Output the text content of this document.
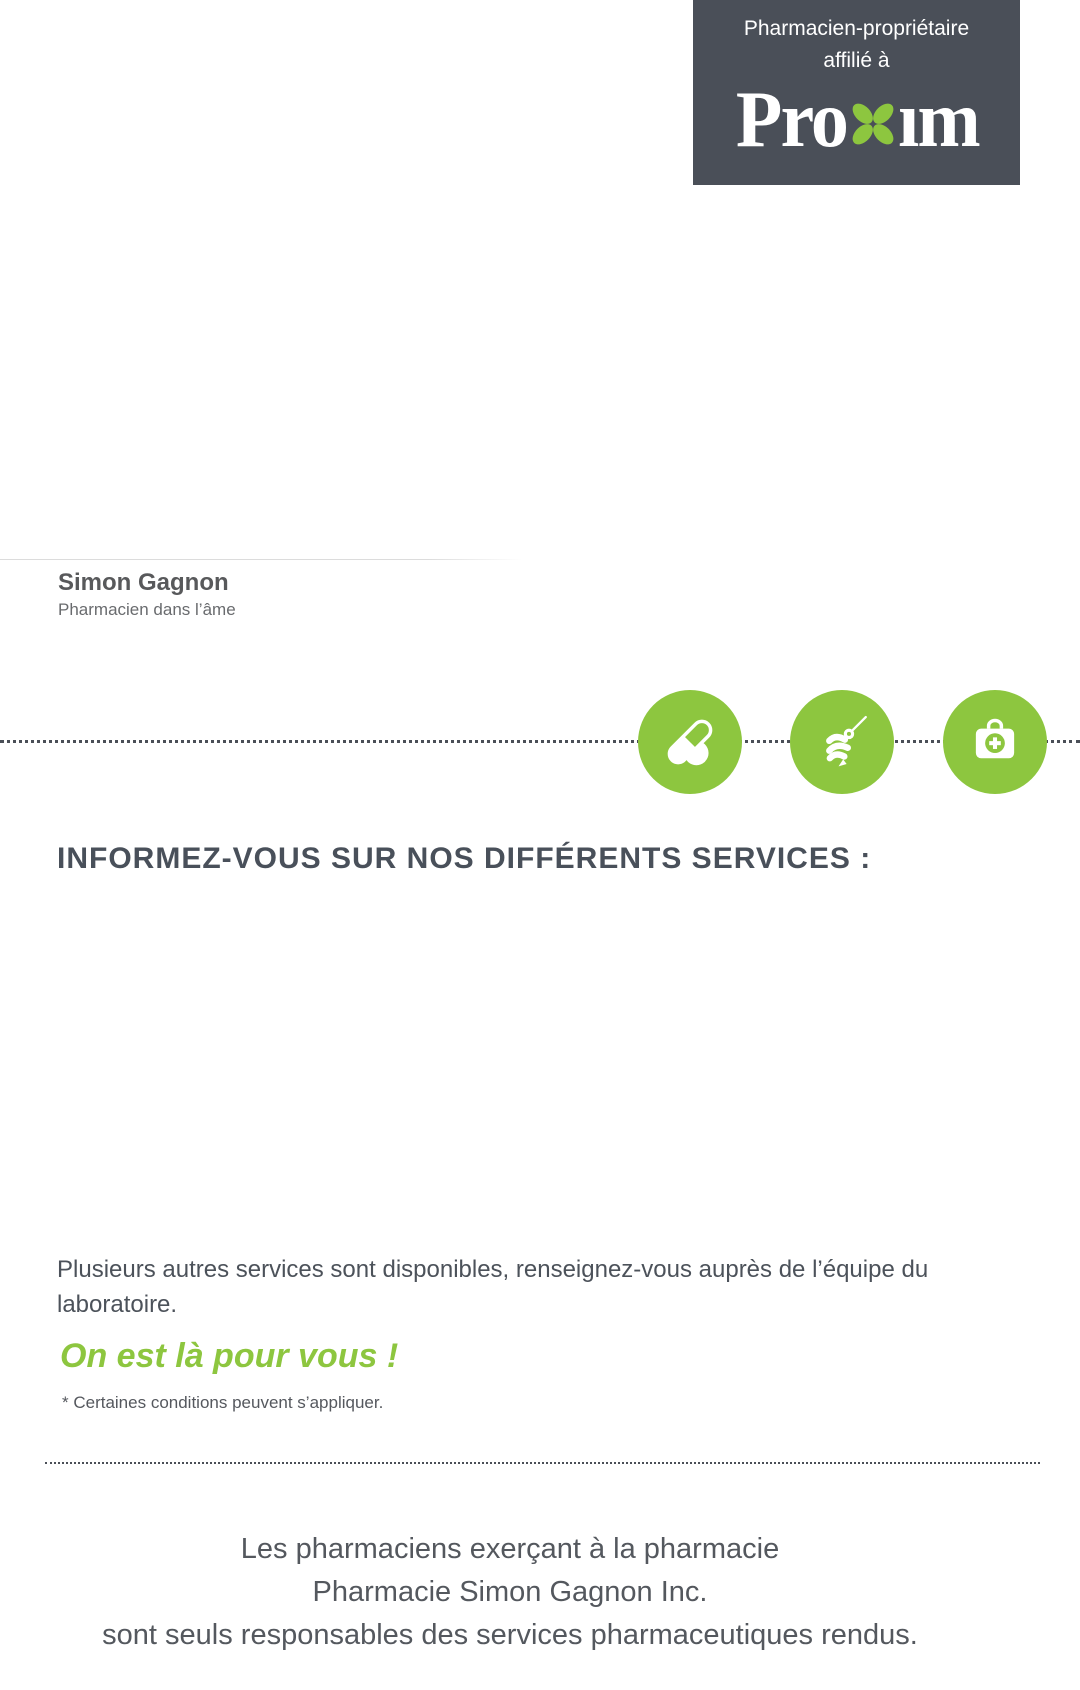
Pharmacien-propriétaire
affilié à
Pro ım
Simon Gagnon
Pharmacien dans l’âme
INFORMEZ-VOUS SUR NOS DIFFÉRENTS SERVICES :
Plusieurs autres services sont disponibles, renseignez-vous auprès de l’équipe du
laboratoire.
On est là pour vous !
* Certaines conditions peuvent s’appliquer.
Les pharmaciens exerçant à la pharmacie
Pharmacie Simon Gagnon Inc.
sont seuls responsables des services pharmaceutiques rendus.
